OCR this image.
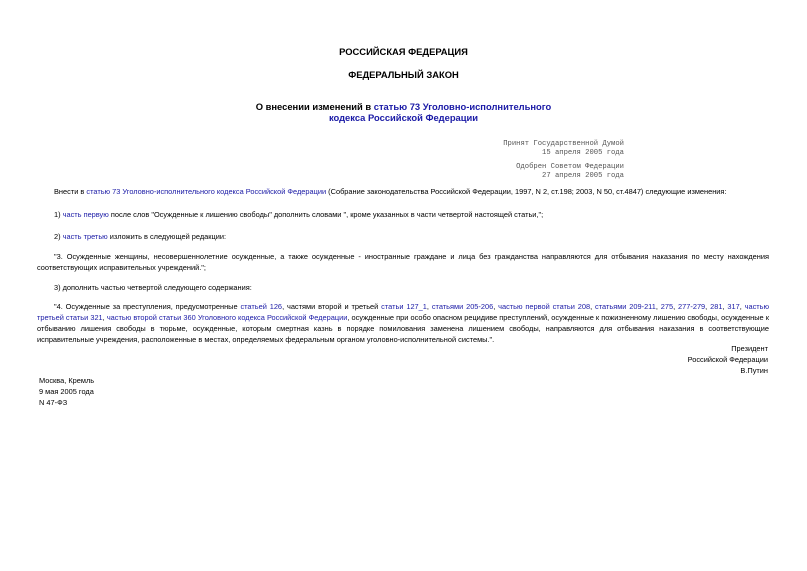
РОССИЙСКАЯ ФЕДЕРАЦИЯ
ФЕДЕРАЛЬНЫЙ ЗАКОН
О внесении изменений в статью 73 Уголовно-исполнительного
кодекса Российской Федерации
Принят Государственной Думой
15 апреля 2005 года
Одобрен Советом Федерации
27 апреля 2005 года
Внести в статью 73 Уголовно-исполнительного кодекса Российской Федерации (Собрание законодательства Российской Федерации, 1997, N 2, ст.198; 2003, N 50, ст.4847) следующие изменения:
1) часть первую после слов "Осужденные к лишению свободы" дополнить словами ", кроме указанных в части четвертой настоящей статьи,";
2) часть третью изложить в следующей редакции:
"3. Осужденные женщины, несовершеннолетние осужденные, а также осужденные - иностранные граждане и лица без гражданства направляются для отбывания наказания по месту нахождения соответствующих исправительных учреждений.";
3) дополнить частью четвертой следующего содержания:
"4. Осужденные за преступления, предусмотренные статьей 126, частями второй и третьей статьи 127_1, статьями 205-206, частью первой статьи 208, статьями 209-211, 275, 277-279, 281, 317, частью третьей статьи 321, частью второй статьи 360 Уголовного кодекса Российской Федерации, осужденные при особо опасном рецидиве преступлений, осужденные к пожизненному лишению свободы, осужденные к отбыванию лишения свободы в тюрьме, осужденные, которым смертная казнь в порядке помилования заменена лишением свободы, направляются для отбывания наказания в соответствующие исправительные учреждения, расположенные в местах, определяемых федеральным органом уголовно-исполнительной системы.".
Президент
Российской Федерации
В.Путин
Москва, Кремль
9 мая 2005 года
N 47-ФЗ
